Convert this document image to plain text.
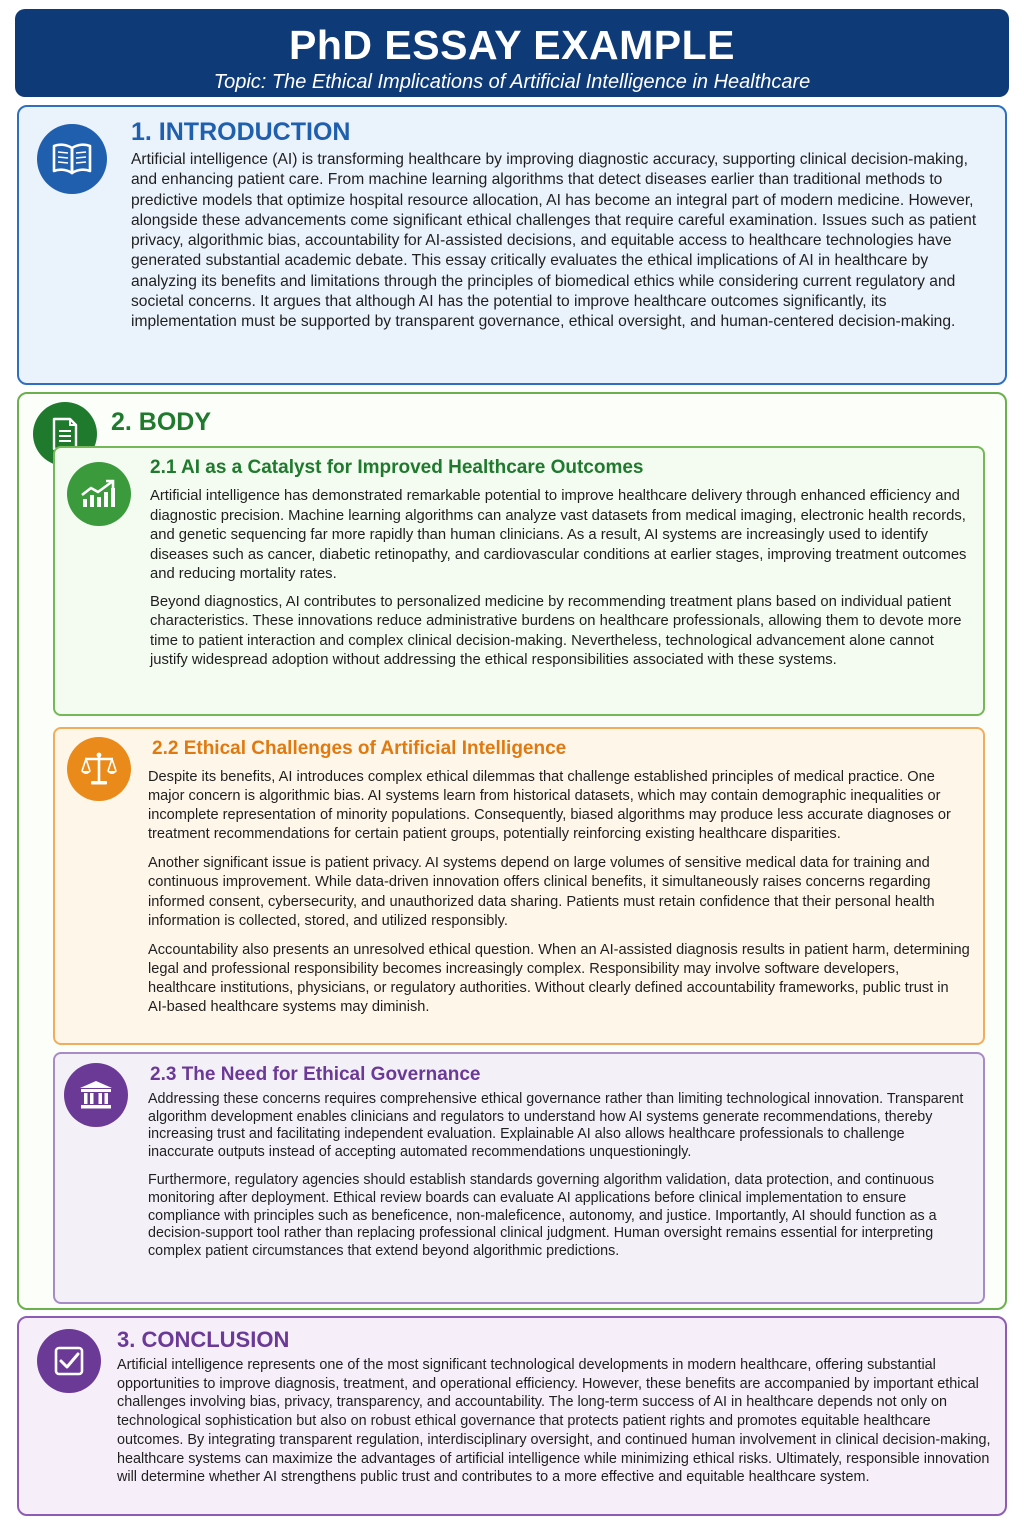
PhD ESSAY EXAMPLE
Topic: The Ethical Implications of Artificial Intelligence in Healthcare
1. INTRODUCTION

Artificial intelligence (AI) is transforming healthcare by improving diagnostic accuracy, supporting clinical decision-making, and enhancing patient care. From machine learning algorithms that detect diseases earlier than traditional methods to predictive models that optimize hospital resource allocation, AI has become an integral part of modern medicine. However, alongside these advancements come significant ethical challenges that require careful examination. Issues such as patient privacy, algorithmic bias, accountability for AI-assisted decisions, and equitable access to healthcare technologies have generated substantial academic debate. This essay critically evaluates the ethical implications of AI in healthcare by analyzing its benefits and limitations through the principles of biomedical ethics while considering current regulatory and societal concerns. It argues that although AI has the potential to improve healthcare outcomes significantly, its implementation must be supported by transparent governance, ethical oversight, and human-centered decision-making.

2. BODY
2.1 AI as a Catalyst for Improved Healthcare Outcomes

Artificial intelligence has demonstrated remarkable potential to improve healthcare delivery through enhanced efficiency and diagnostic precision. Machine learning algorithms can analyze vast datasets from medical imaging, electronic health records, and genetic sequencing far more rapidly than human clinicians. As a result, AI systems are increasingly used to identify diseases such as cancer, diabetic retinopathy, and cardiovascular conditions at earlier stages, improving treatment outcomes and reducing mortality rates.

Beyond diagnostics, AI contributes to personalized medicine by recommending treatment plans based on individual patient characteristics. These innovations reduce administrative burdens on healthcare professionals, allowing them to devote more time to patient interaction and complex clinical decision-making. Nevertheless, technological advancement alone cannot justify widespread adoption without addressing the ethical responsibilities associated with these systems.

2.2 Ethical Challenges of Artificial Intelligence

Despite its benefits, AI introduces complex ethical dilemmas that challenge established principles of medical practice. One major concern is algorithmic bias. AI systems learn from historical datasets, which may contain demographic inequalities or incomplete representation of minority populations. Consequently, biased algorithms may produce less accurate diagnoses or treatment recommendations for certain patient groups, potentially reinforcing existing healthcare disparities.

Another significant issue is patient privacy. AI systems depend on large volumes of sensitive medical data for training and continuous improvement. While data-driven innovation offers clinical benefits, it simultaneously raises concerns regarding informed consent, cybersecurity, and unauthorized data sharing. Patients must retain confidence that their personal health information is collected, stored, and utilized responsibly.

Accountability also presents an unresolved ethical question. When an AI-assisted diagnosis results in patient harm, determining legal and professional responsibility becomes increasingly complex. Responsibility may involve software developers, healthcare institutions, physicians, or regulatory authorities. Without clearly defined accountability frameworks, public trust in AI-based healthcare systems may diminish.

2.3 The Need for Ethical Governance

Addressing these concerns requires comprehensive ethical governance rather than limiting technological innovation. Transparent algorithm development enables clinicians and regulators to understand how AI systems generate recommendations, thereby increasing trust and facilitating independent evaluation. Explainable AI also allows healthcare professionals to challenge inaccurate outputs instead of accepting automated recommendations unquestioningly.

Furthermore, regulatory agencies should establish standards governing algorithm validation, data protection, and continuous monitoring after deployment. Ethical review boards can evaluate AI applications before clinical implementation to ensure compliance with principles such as beneficence, non-maleficence, autonomy, and justice. Importantly, AI should function as a decision-support tool rather than replacing professional clinical judgment. Human oversight remains essential for interpreting complex patient circumstances that extend beyond algorithmic predictions.

3. CONCLUSION

Artificial intelligence represents one of the most significant technological developments in modern healthcare, offering substantial opportunities to improve diagnosis, treatment, and operational efficiency. However, these benefits are accompanied by important ethical challenges involving bias, privacy, transparency, and accountability. The long-term success of AI in healthcare depends not only on technological sophistication but also on robust ethical governance that protects patient rights and promotes equitable healthcare outcomes. By integrating transparent regulation, interdisciplinary oversight, and continued human involvement in clinical decision-making, healthcare systems can maximize the advantages of artificial intelligence while minimizing ethical risks. Ultimately, responsible innovation will determine whether AI strengthens public trust and contributes to a more effective and equitable healthcare system.
